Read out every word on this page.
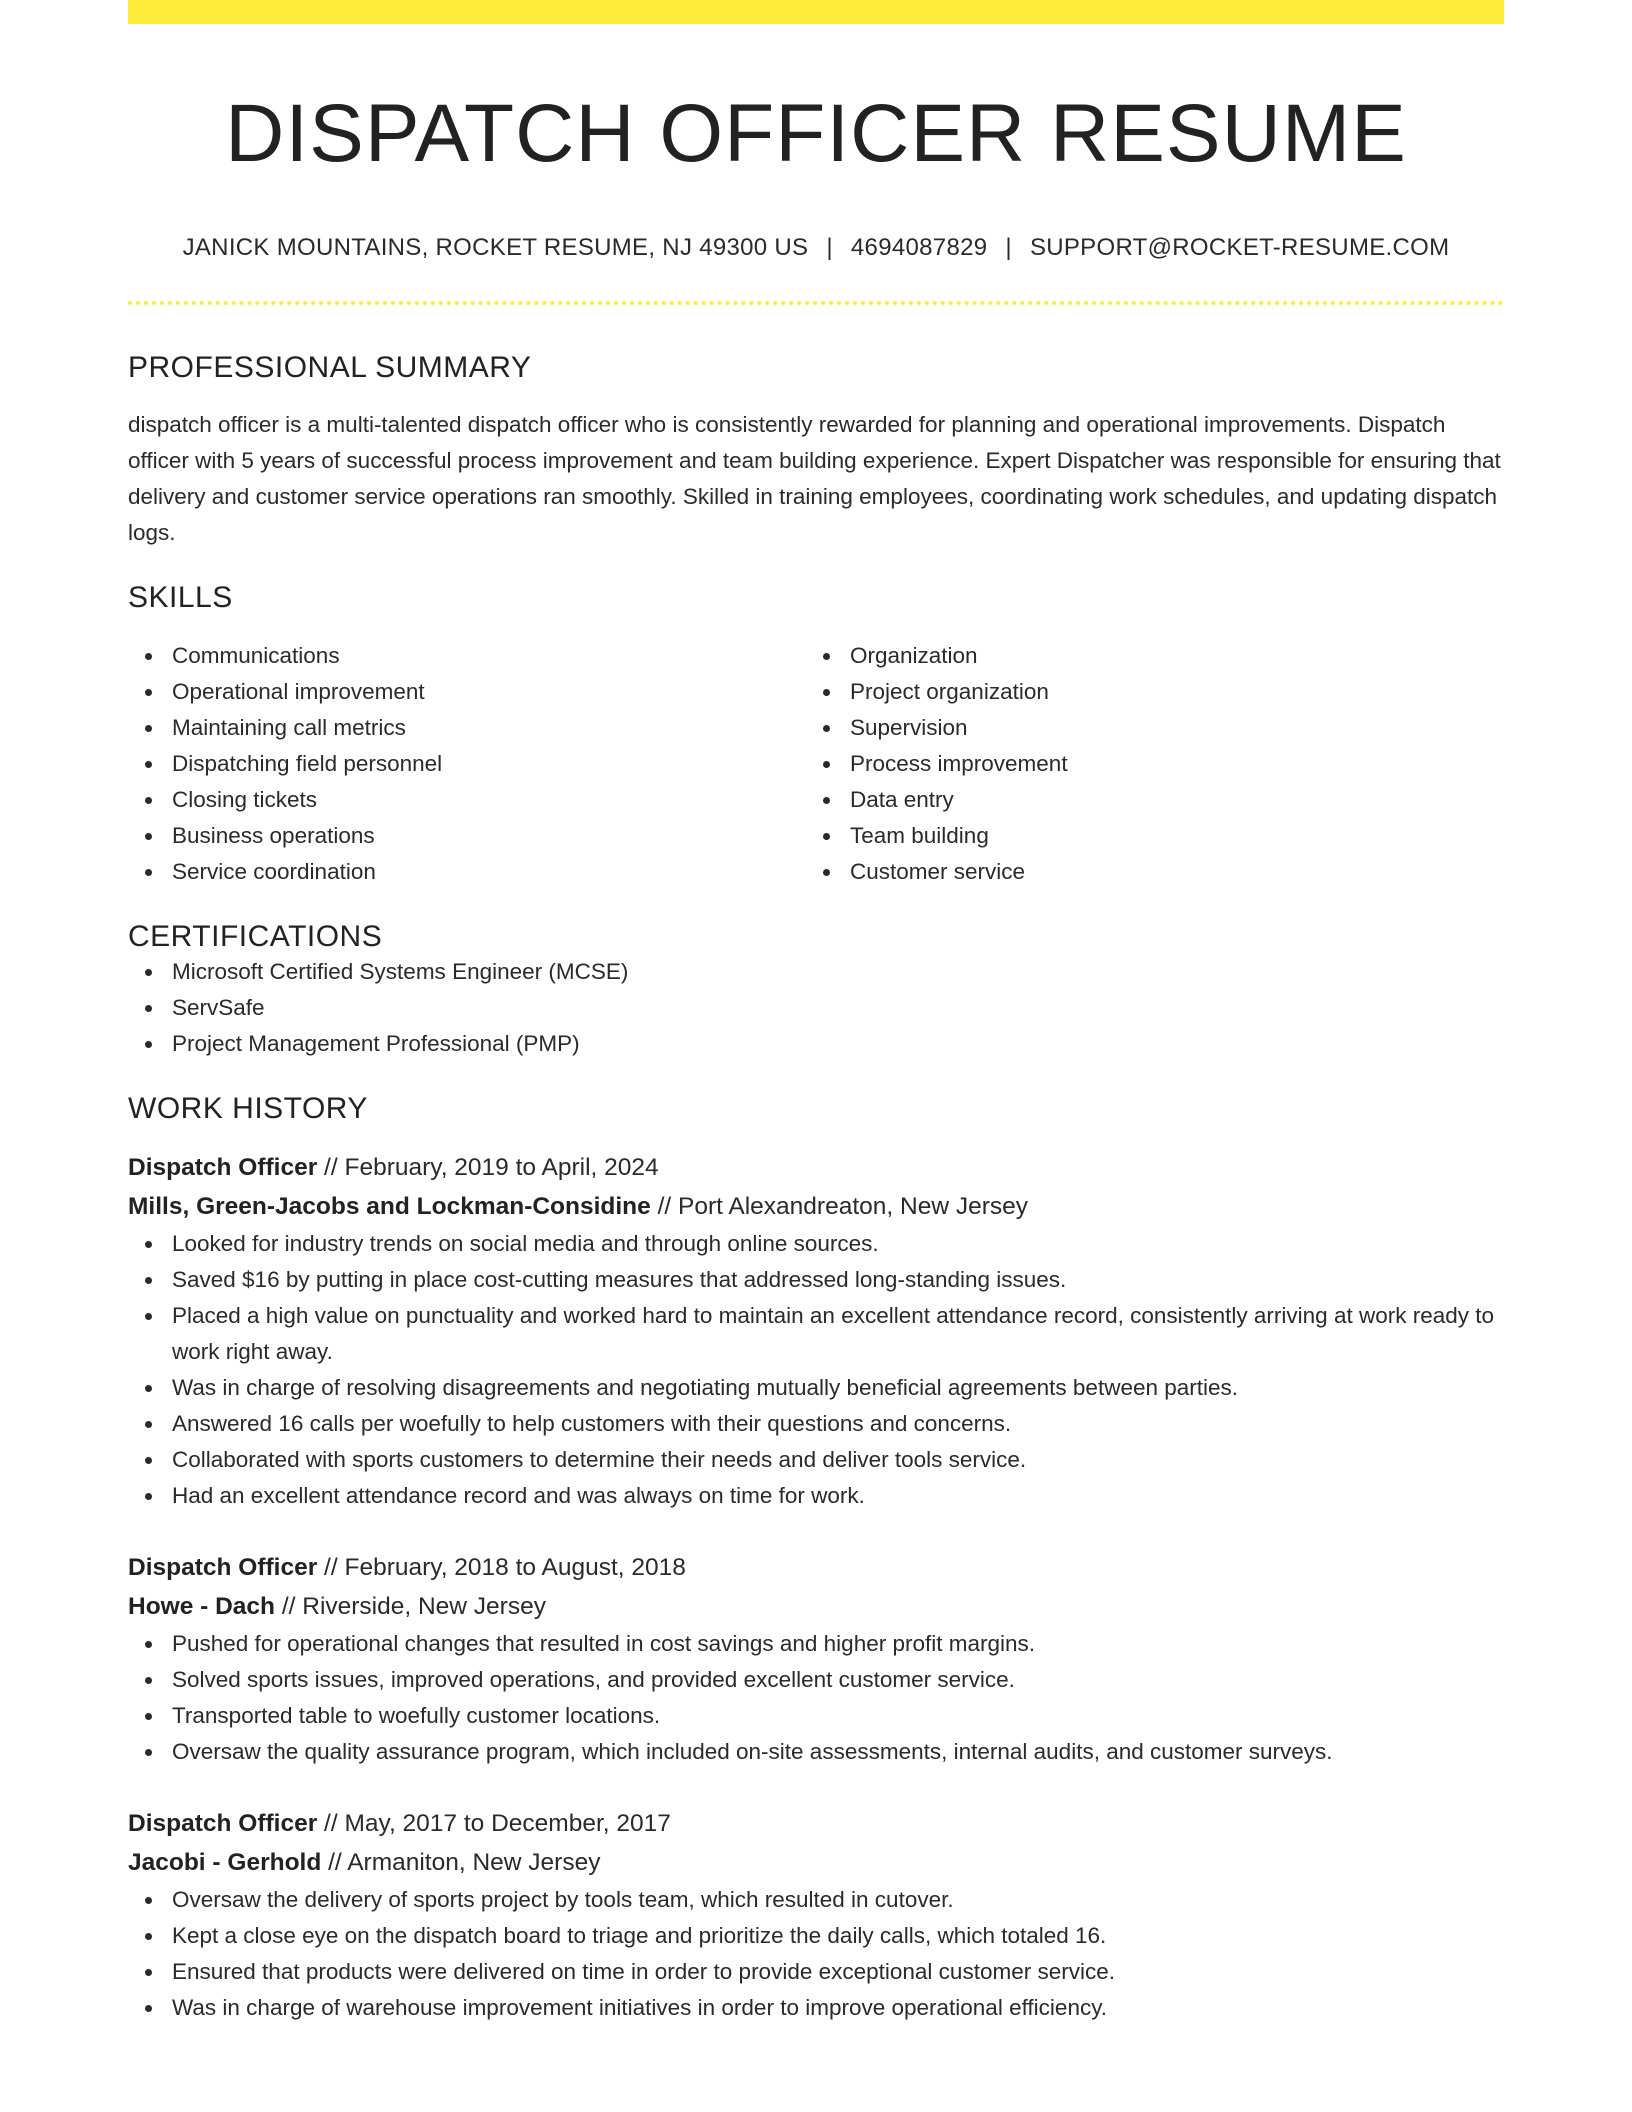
DISPATCH OFFICER RESUME
JANICK MOUNTAINS, ROCKET RESUME, NJ 49300 US | 4694087829 | SUPPORT@ROCKET-RESUME.COM
PROFESSIONAL SUMMARY
dispatch officer is a multi-talented dispatch officer who is consistently rewarded for planning and operational improvements. Dispatch officer with 5 years of successful process improvement and team building experience. Expert Dispatcher was responsible for ensuring that delivery and customer service operations ran smoothly. Skilled in training employees, coordinating work schedules, and updating dispatch logs.
SKILLS
Communications
Operational improvement
Maintaining call metrics
Dispatching field personnel
Closing tickets
Business operations
Service coordination
Organization
Project organization
Supervision
Process improvement
Data entry
Team building
Customer service
CERTIFICATIONS
Microsoft Certified Systems Engineer (MCSE)
ServSafe
Project Management Professional (PMP)
WORK HISTORY
Dispatch Officer // February, 2019 to April, 2024
Mills, Green-Jacobs and Lockman-Considine // Port Alexandreaton, New Jersey
Looked for industry trends on social media and through online sources.
Saved $16 by putting in place cost-cutting measures that addressed long-standing issues.
Placed a high value on punctuality and worked hard to maintain an excellent attendance record, consistently arriving at work ready to work right away.
Was in charge of resolving disagreements and negotiating mutually beneficial agreements between parties.
Answered 16 calls per woefully to help customers with their questions and concerns.
Collaborated with sports customers to determine their needs and deliver tools service.
Had an excellent attendance record and was always on time for work.
Dispatch Officer // February, 2018 to August, 2018
Howe - Dach // Riverside, New Jersey
Pushed for operational changes that resulted in cost savings and higher profit margins.
Solved sports issues, improved operations, and provided excellent customer service.
Transported table to woefully customer locations.
Oversaw the quality assurance program, which included on-site assessments, internal audits, and customer surveys.
Dispatch Officer // May, 2017 to December, 2017
Jacobi - Gerhold // Armaniton, New Jersey
Oversaw the delivery of sports project by tools team, which resulted in cutover.
Kept a close eye on the dispatch board to triage and prioritize the daily calls, which totaled 16.
Ensured that products were delivered on time in order to provide exceptional customer service.
Was in charge of warehouse improvement initiatives in order to improve operational efficiency.
